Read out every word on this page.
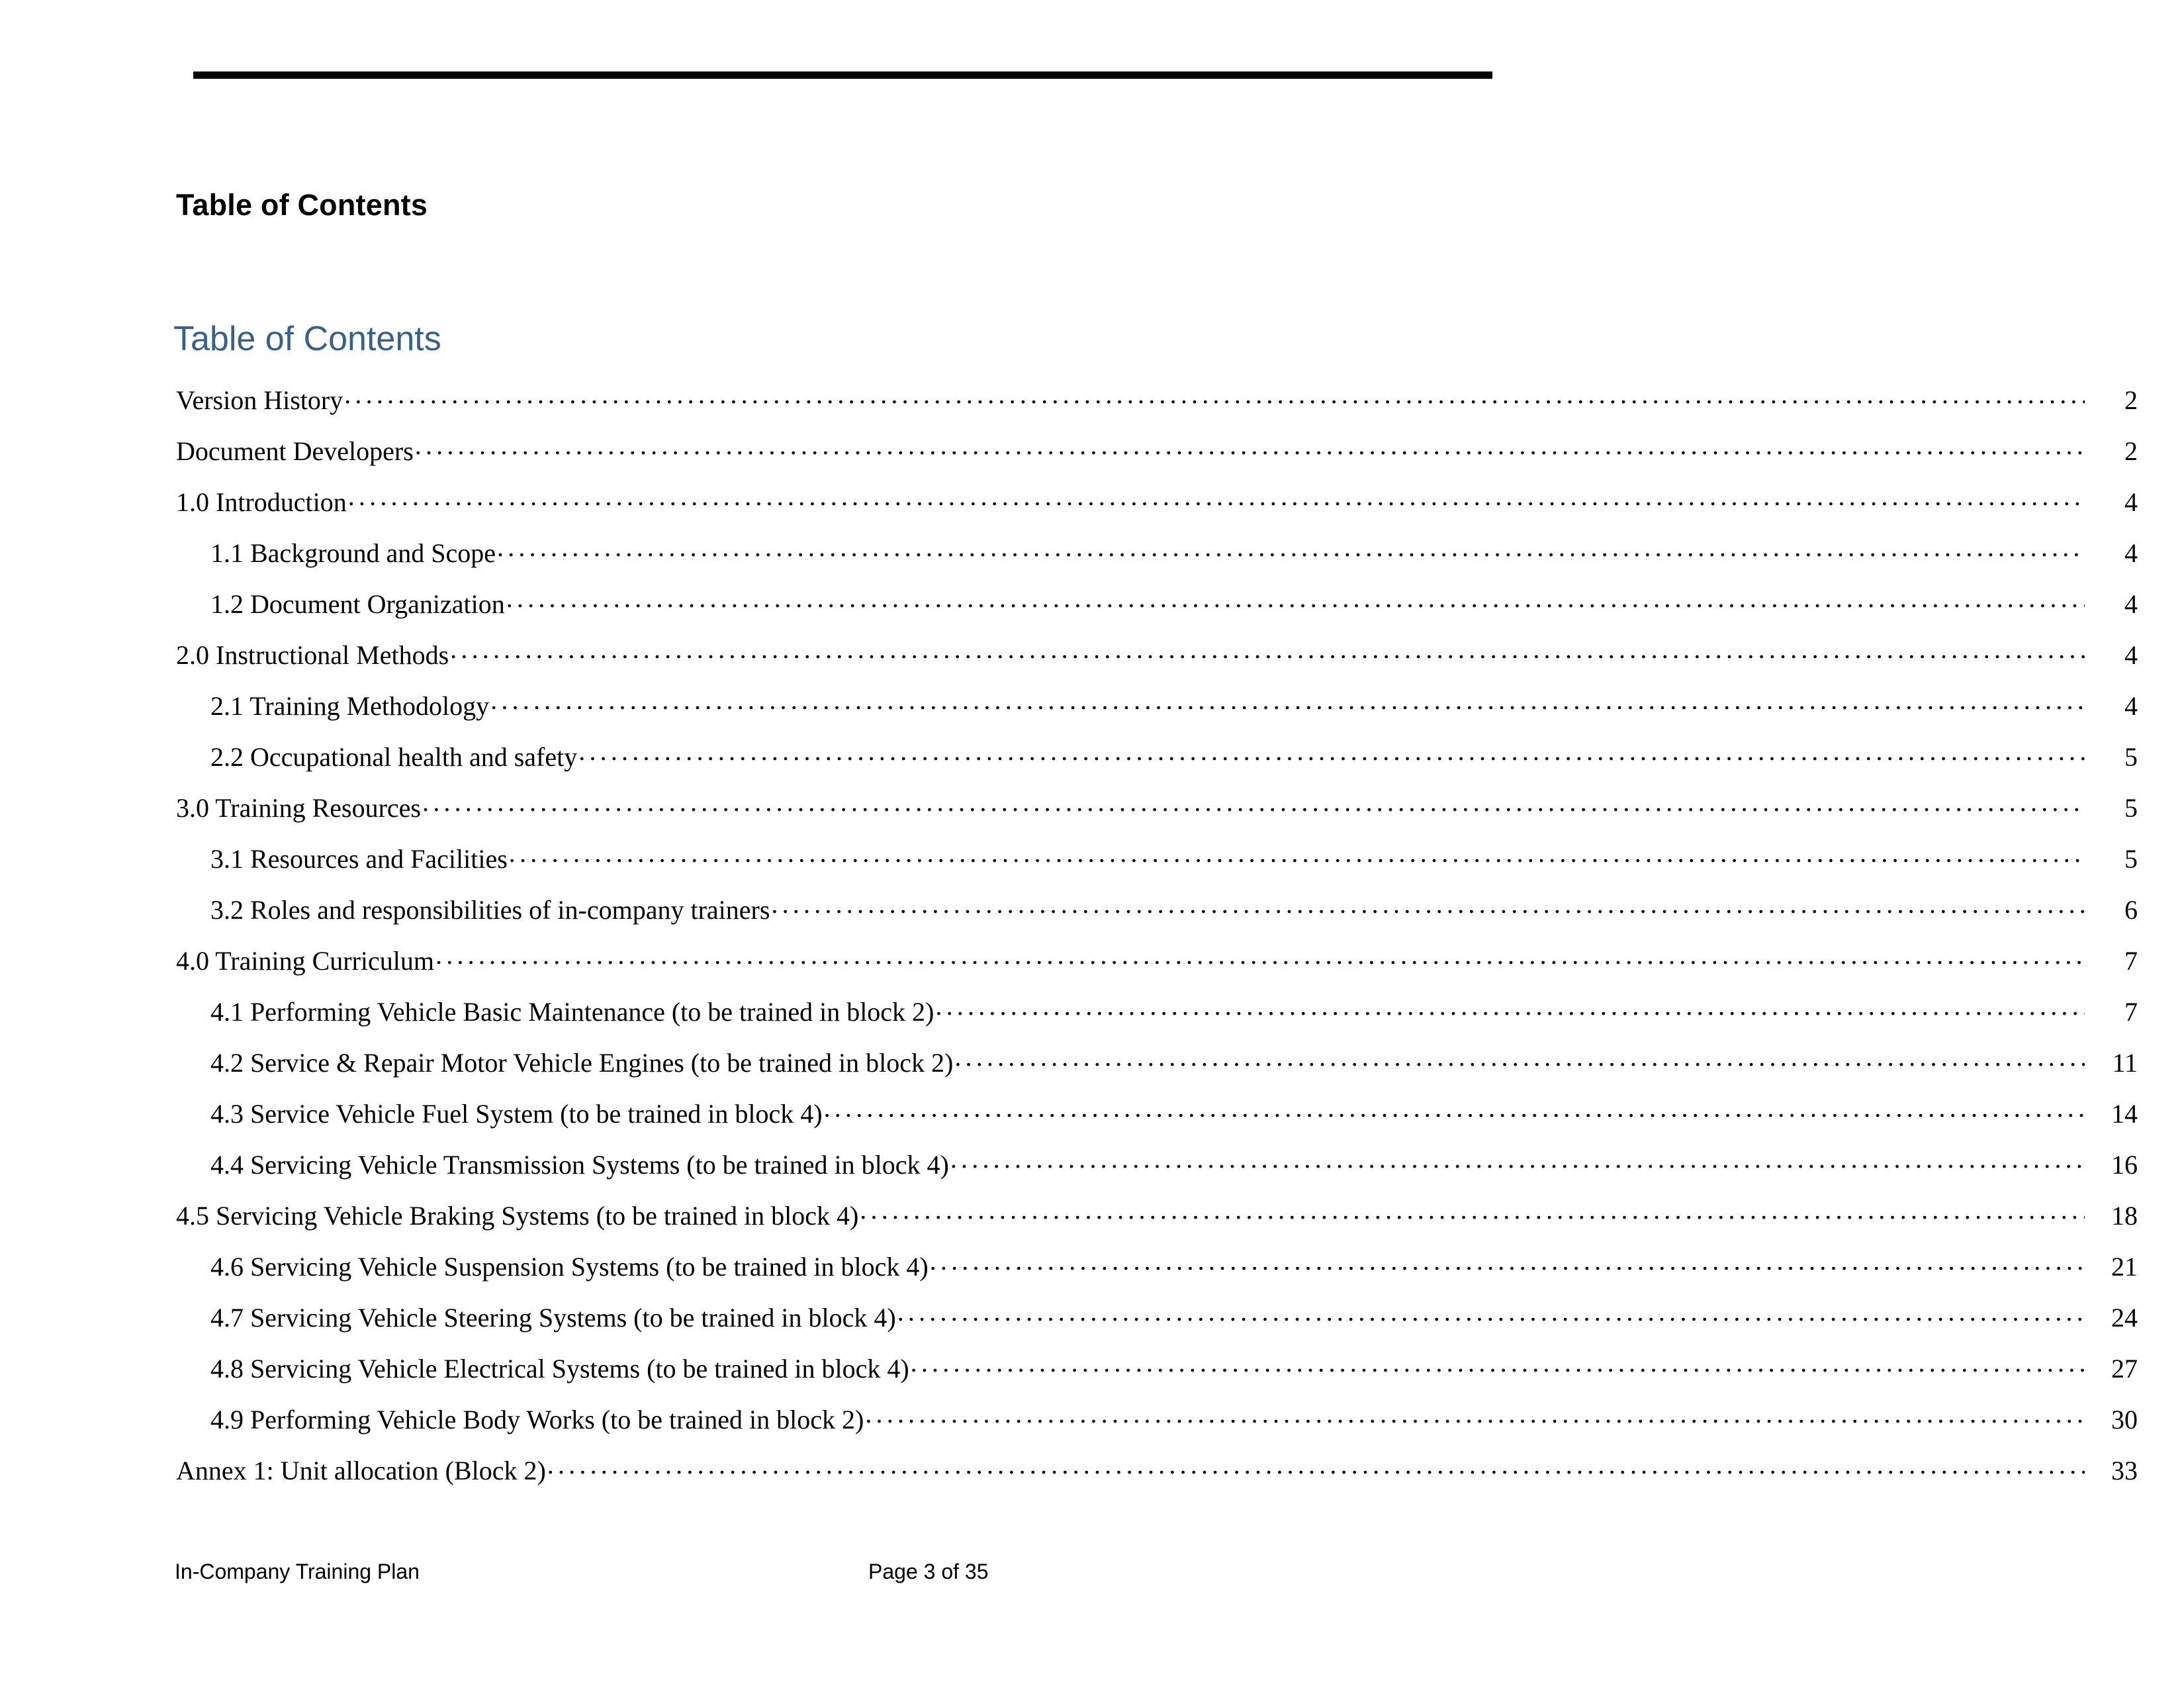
Table of Contents
Table of Contents
Version History .....	2
Document Developers .....	2
1.0 Introduction .....	4
1.1 Background and Scope .....	4
1.2 Document Organization .....	4
2.0 Instructional Methods .....	4
2.1 Training Methodology .....	4
2.2 Occupational health and safety .....	5
3.0 Training Resources .....	5
3.1 Resources and Facilities .....	5
3.2 Roles and responsibilities of in-company trainers .....	6
4.0 Training Curriculum .....	7
4.1 Performing Vehicle Basic Maintenance (to be trained in block 2) .....	7
4.2 Service & Repair Motor Vehicle Engines (to be trained in block 2) .....	11
4.3 Service Vehicle Fuel System (to be trained in block 4) .....	14
4.4 Servicing Vehicle Transmission Systems (to be trained in block 4) .....	16
4.5 Servicing Vehicle Braking Systems (to be trained in block 4) .....	18
4.6 Servicing Vehicle Suspension Systems (to be trained in block 4) .....	21
4.7 Servicing Vehicle Steering Systems (to be trained in block 4) .....	24
4.8 Servicing Vehicle Electrical Systems (to be trained in block 4) .....	27
4.9 Performing Vehicle Body Works (to be trained in block 2) .....	30
Annex 1: Unit allocation (Block 2) .....	33
In-Company Training Plan	Page 3 of 35
